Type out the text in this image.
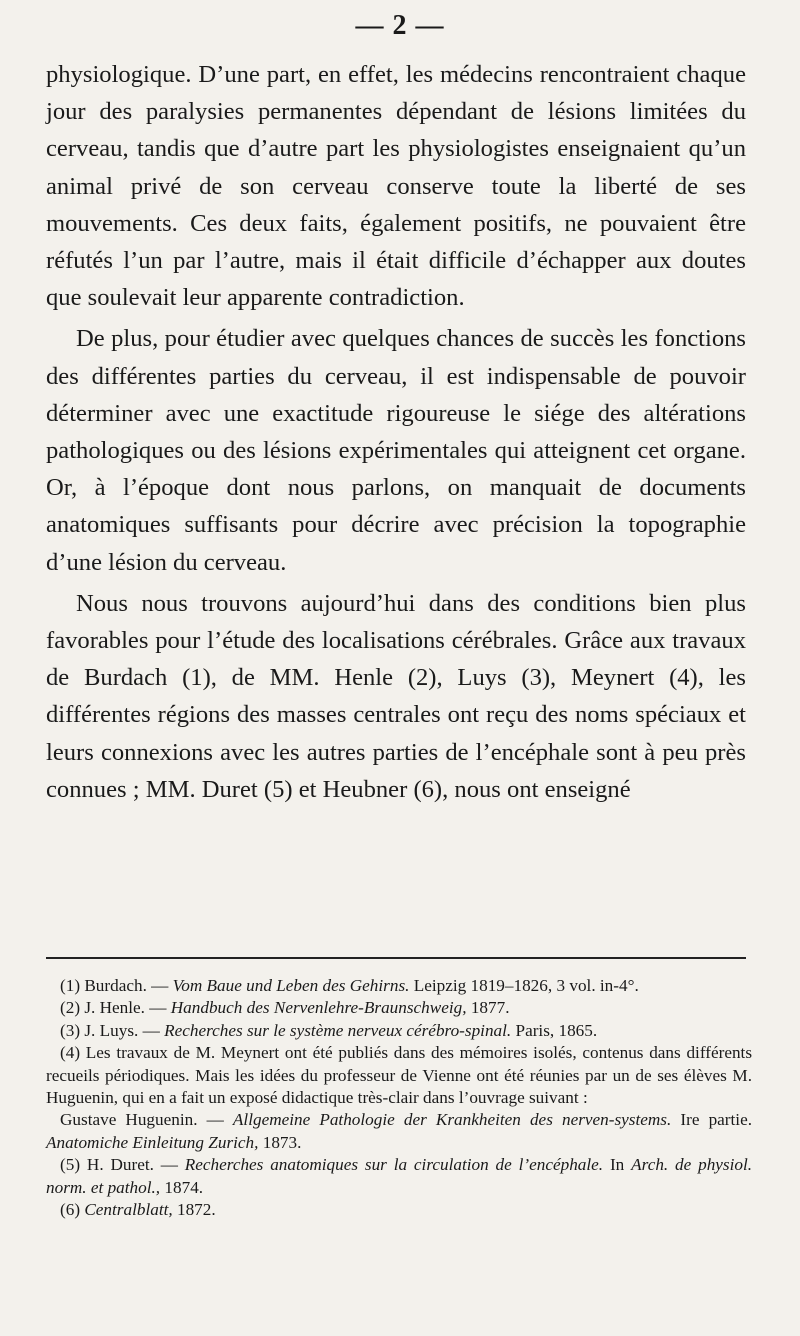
— 2 —

physiologique. D’une part, en effet, les médecins rencontraient chaque jour des paralysies permanentes dépendant de lésions limitées du cerveau, tandis que d’autre part les physiologistes enseignaient qu’un animal privé de son cerveau conserve toute la liberté de ses mouvements. Ces deux faits, également positifs, ne pouvaient être réfutés l’un par l’autre, mais il était difficile d’échapper aux doutes que soulevait leur apparente contradiction.

De plus, pour étudier avec quelques chances de succès les fonctions des différentes parties du cerveau, il est indispensable de pouvoir déterminer avec une exactitude rigoureuse le siége des altérations pathologiques ou des lésions expérimentales qui atteignent cet organe. Or, à l’époque dont nous parlons, on manquait de documents anatomiques suffisants pour décrire avec précision la topographie d’une lésion du cerveau.

Nous nous trouvons aujourd’hui dans des conditions bien plus favorables pour l’étude des localisations cérébrales. Grâce aux travaux de Burdach (1), de MM. Henle (2), Luys (3), Meynert (4), les différentes régions des masses centrales ont reçu des noms spéciaux et leurs connexions avec les autres parties de l’encéphale sont à peu près connues ; MM. Duret (5) et Heubner (6), nous ont enseigné

(1) Burdach. — Vom Baue und Leben des Gehirns. Leipzig 1819–1826, 3 vol. in-4°.

(2) J. Henle. — Handbuch des Nervenlehre-Braunschweig, 1877.

(3) J. Luys. — Recherches sur le système nerveux cérébro-spinal. Paris, 1865.

(4) Les travaux de M. Meynert ont été publiés dans des mémoires isolés, contenus dans différents recueils périodiques. Mais les idées du professeur de Vienne ont été réunies par un de ses élèves M. Huguenin, qui en a fait un exposé didactique très-clair dans l’ouvrage suivant :

Gustave Huguenin. — Allgemeine Pathologie der Krankheiten des nerven-systems. Ire partie. Anatomiche Einleitung Zurich, 1873.

(5) H. Duret. — Recherches anatomiques sur la circulation de l’encéphale. In Arch. de physiol. norm. et pathol., 1874.

(6) Centralblatt, 1872.
